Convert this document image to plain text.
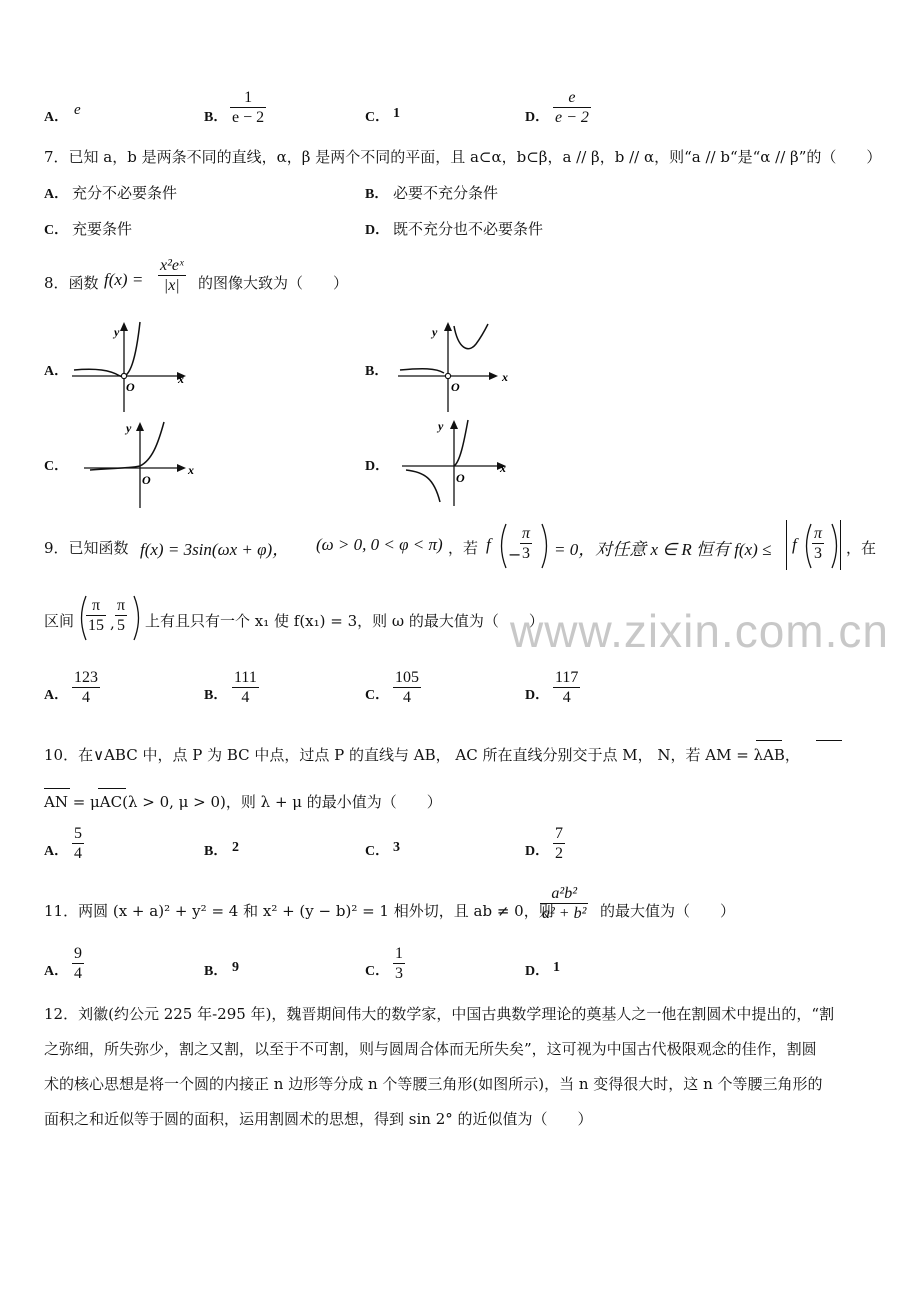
A． e	B． $\frac{1}{e - 2}$	C． 1	D． $\frac{e}{e - 2}$
7．已知 a，b 是两条不同的直线，α，β 是两个不同的平面，且 a⊂α，b⊂β，a // β，b // α，则“a // b“是“α // β”的（　　）
A． 充分不必要条件	B． 必要不充分条件
C． 充要条件	D． 既不充分也不必要条件
8．函数 $f(x) = \frac{\text{x²eˣ}}{|x|}$ 的图像大致为（　　）
A．
y
x
O
B．
y
x
O
C．
y
x
O
D．
y
x
O
9．已知函数 f(x) = 3sin(ωx + φ)， (ω > 0, 0 < φ < π) ，若 f
−
$\frac{\pi}{3} = 0$，对任意 x ∈ R 恒有 f(x) ≤ f $\frac{\pi}{3}$ ，在
区间 $\frac{\pi}{15}$ , $\frac{\pi}{5}$ 上有且只有一个 x₁ 使 f(x₁) = 3，则 ω 的最大值为（　　）
www.zixin.com.cn
A． $\frac{123}{4}$	B． $\frac{111}{4}$	C． $\frac{105}{4}$	D． $\frac{117}{4}$
10．在∨ABC 中，点 P 为 BC 中点，过点 P 的直线与 AB， AC 所在直线分别交于点 M， N，若 AM = λAB，
AN = μAC(λ > 0, μ > 0)，则 λ + μ 的最小值为（　　）
A． $\frac{5}{4}$	B． 2	C． 3	D． $\frac{7}{2}$
11．两圆 (x + a)² + y² = 4 和 x² + (y − b)² = 1 相外切，且 ab ≠ 0，则
$\frac{\text{a²b²}}{\text{a² + b²}}$ 的最大值为（　　）
A． $\frac{9}{4}$	B． 9	C． $\frac{1}{3}$	D． 1
12．刘徽(约公元 225 年-295 年)，魏晋期间伟大的数学家，中国古典数学理论的奠基人之一他在割圆术中提出的，“割
之弥细，所失弥少，割之又割，以至于不可割，则与圆周合体而无所失矣”，这可视为中国古代极限观念的佳作，割圆
术的核心思想是将一个圆的内接正 n 边形等分成 n 个等腰三角形(如图所示)，当 n 变得很大时，这 n 个等腰三角形的
面积之和近似等于圆的面积，运用割圆术的思想，得到 sin 2° 的近似值为（　　）
